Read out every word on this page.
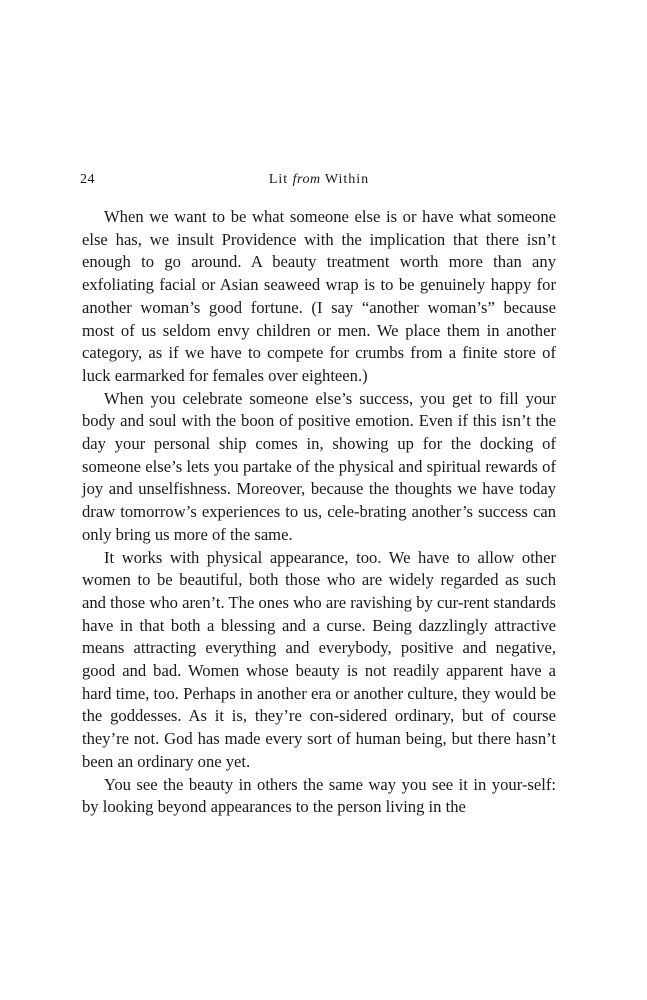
24	Lit from Within

When we want to be what someone else is or have what someone else has, we insult Providence with the implication that there isn’t enough to go around. A beauty treatment worth more than any exfoliating facial or Asian seaweed wrap is to be genuinely happy for another woman’s good fortune. (I say “another woman’s” because most of us seldom envy children or men. We place them in another category, as if we have to compete for crumbs from a finite store of luck earmarked for females over eighteen.)

When you celebrate someone else’s success, you get to fill your body and soul with the boon of positive emotion. Even if this isn’t the day your personal ship comes in, showing up for the docking of someone else’s lets you partake of the physical and spiritual rewards of joy and unselfishness. Moreover, because the thoughts we have today draw tomorrow’s experiences to us, cele-brating another’s success can only bring us more of the same.

It works with physical appearance, too. We have to allow other women to be beautiful, both those who are widely regarded as such and those who aren’t. The ones who are ravishing by cur-rent standards have in that both a blessing and a curse. Being dazzlingly attractive means attracting everything and everybody, positive and negative, good and bad. Women whose beauty is not readily apparent have a hard time, too. Perhaps in another era or another culture, they would be the goddesses. As it is, they’re con-sidered ordinary, but of course they’re not. God has made every sort of human being, but there hasn’t been an ordinary one yet.

You see the beauty in others the same way you see it in your-self: by looking beyond appearances to the person living in the
